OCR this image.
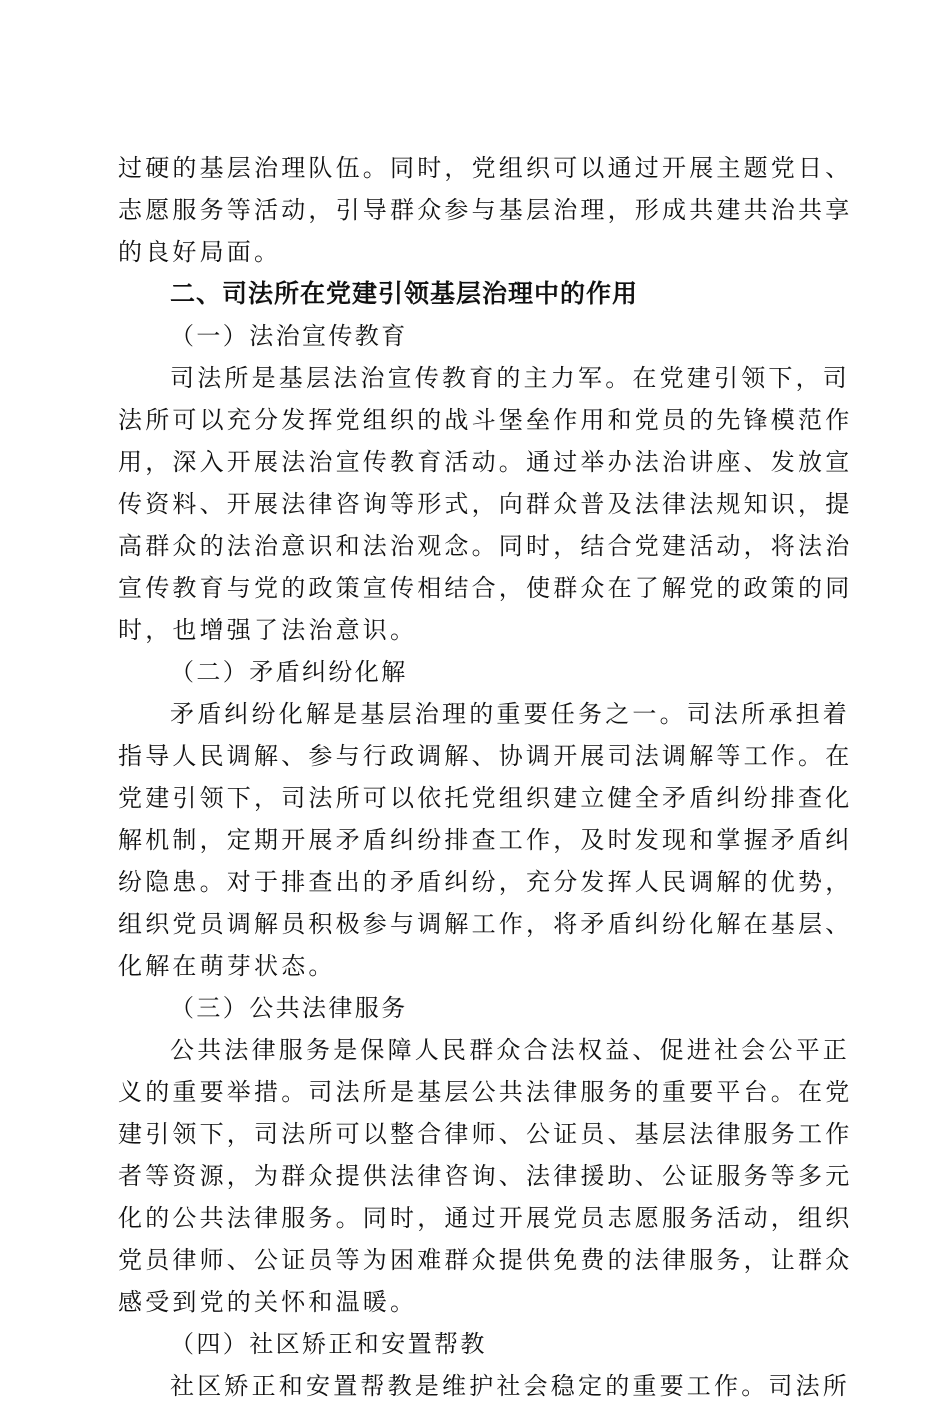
过硬的基层治理队伍。同时，党组织可以通过开展主题党日、
志愿服务等活动，引导群众参与基层治理，形成共建共治共享
的良好局面。
二、司法所在党建引领基层治理中的作用
（一）法治宣传教育
司法所是基层法治宣传教育的主力军。在党建引领下，司
法所可以充分发挥党组织的战斗堡垒作用和党员的先锋模范作
用，深入开展法治宣传教育活动。通过举办法治讲座、发放宣
传资料、开展法律咨询等形式，向群众普及法律法规知识，提
高群众的法治意识和法治观念。同时，结合党建活动，将法治
宣传教育与党的政策宣传相结合，使群众在了解党的政策的同
时，也增强了法治意识。
（二）矛盾纠纷化解
矛盾纠纷化解是基层治理的重要任务之一。司法所承担着
指导人民调解、参与行政调解、协调开展司法调解等工作。在
党建引领下，司法所可以依托党组织建立健全矛盾纠纷排查化
解机制，定期开展矛盾纠纷排查工作，及时发现和掌握矛盾纠
纷隐患。对于排查出的矛盾纠纷，充分发挥人民调解的优势，
组织党员调解员积极参与调解工作，将矛盾纠纷化解在基层、
化解在萌芽状态。
（三）公共法律服务
公共法律服务是保障人民群众合法权益、促进社会公平正
义的重要举措。司法所是基层公共法律服务的重要平台。在党
建引领下，司法所可以整合律师、公证员、基层法律服务工作
者等资源，为群众提供法律咨询、法律援助、公证服务等多元
化的公共法律服务。同时，通过开展党员志愿服务活动，组织
党员律师、公证员等为困难群众提供免费的法律服务，让群众
感受到党的关怀和温暖。
（四）社区矫正和安置帮教
社区矫正和安置帮教是维护社会稳定的重要工作。司法所
